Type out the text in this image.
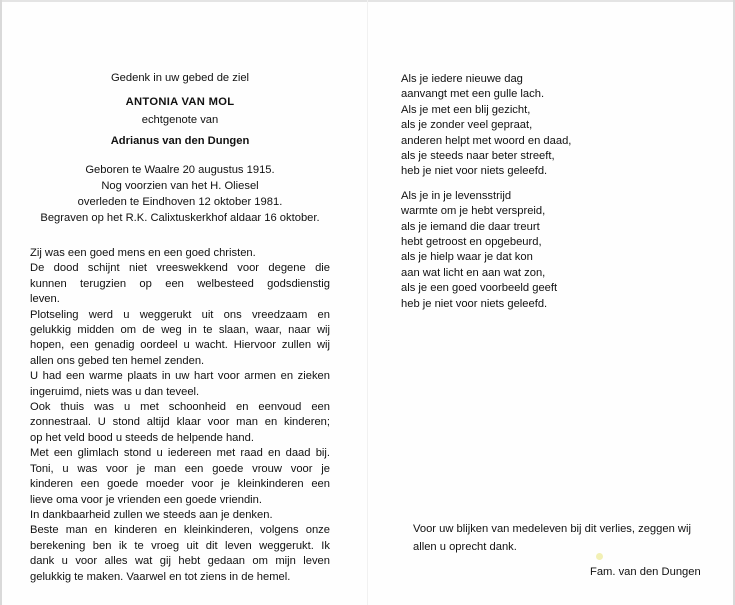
Gedenk in uw gebed de ziel
ANTONIA VAN MOL
echtgenote van
Adrianus van den Dungen
Geboren te Waalre 20 augustus 1915.
Nog voorzien van het H. Oliesel
overleden te Eindhoven 12 oktober 1981.
Begraven op het R.K. Calixtuskerkhof aldaar 16 oktober.
Zij was een goed mens en een goed christen.
De dood schijnt niet vreeswekkend voor degene die
kunnen terugzien op een welbesteed godsdienstig
leven.
Plotseling werd u weggerukt uit ons vreedzaam en
gelukkig midden om de weg in te slaan, waar, naar wij
hopen, een genadig oordeel u wacht. Hiervoor zullen wij
allen ons gebed ten hemel zenden.
U had een warme plaats in uw hart voor armen en zieken
ingeruimd, niets was u dan teveel.
Ook thuis was u met schoonheid en eenvoud een
zonnestraal. U stond altijd klaar voor man en kinderen;
op het veld bood u steeds de helpende hand.
Met een glimlach stond u iedereen met raad en daad bij.
Toni, u was voor je man een goede vrouw voor je
kinderen een goede moeder voor je kleinkinderen een
lieve oma voor je vrienden een goede vriendin.
In dankbaarheid zullen we steeds aan je denken.
Beste man en kinderen en kleinkinderen, volgens onze
berekening ben ik te vroeg uit dit leven weggerukt. Ik
dank u voor alles wat gij hebt gedaan om mijn leven
gelukkig te maken. Vaarwel en tot ziens in de hemel.
Als je iedere nieuwe dag
aanvangt met een gulle lach.
Als je met een blij gezicht,
als je zonder veel gepraat,
anderen helpt met woord en daad,
als je steeds naar beter streeft,
heb je niet voor niets geleefd.
Als je in je levensstrijd
warmte om je hebt verspreid,
als je iemand die daar treurt
hebt getroost en opgebeurd,
als je hielp waar je dat kon
aan wat licht en aan wat zon,
als je een goed voorbeeld geeft
heb je niet voor niets geleefd.
Voor uw blijken van medeleven bij dit verlies, zeggen wij
allen u oprecht dank.
Fam. van den Dungen
